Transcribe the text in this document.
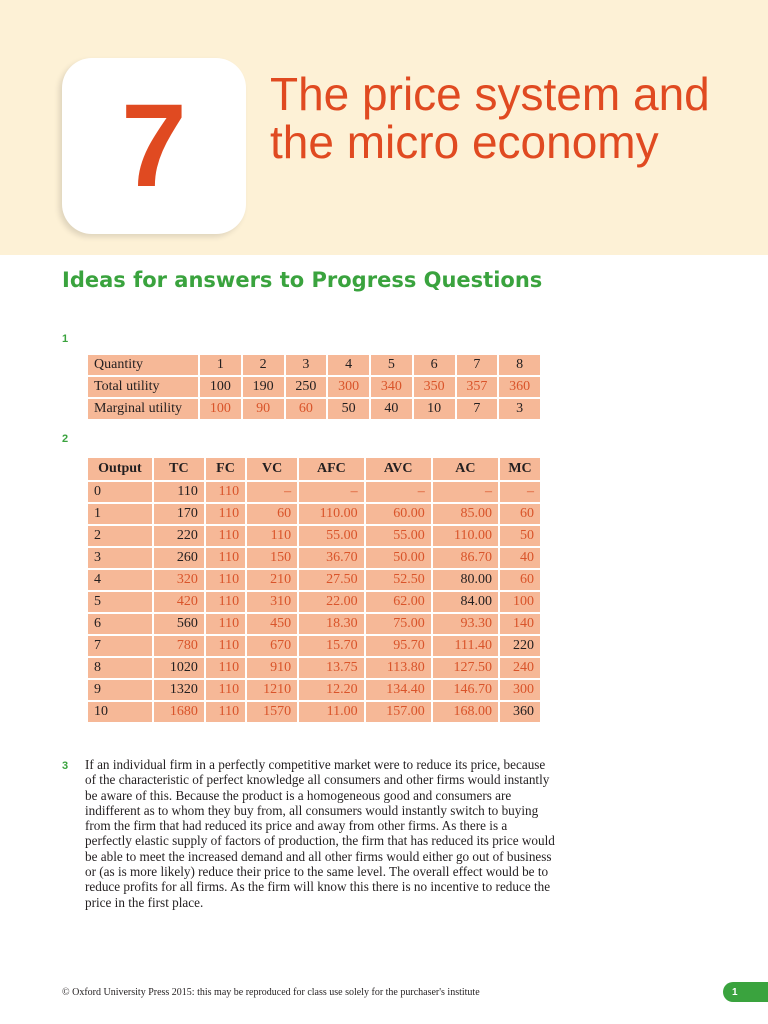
7	The price system and the micro economy
Ideas for answers to Progress Questions
1
Quantity	1	2	3	4	5	6	7	8
Total utility	100	190	250	300	340	350	357	360
Marginal utility	100	90	60	50	40	10	7	3
2
Output	TC	FC	VC	AFC	AVC	AC	MC
0	110	110	–	–	–	–	–
1	170	110	60	110.00	60.00	85.00	60
2	220	110	110	55.00	55.00	110.00	50
3	260	110	150	36.70	50.00	86.70	40
4	320	110	210	27.50	52.50	80.00	60
5	420	110	310	22.00	62.00	84.00	100
6	560	110	450	18.30	75.00	93.30	140
7	780	110	670	15.70	95.70	111.40	220
8	1020	110	910	13.75	113.80	127.50	240
9	1320	110	1210	12.20	134.40	146.70	300
10	1680	110	1570	11.00	157.00	168.00	360
3 If an individual firm in a perfectly competitive market were to reduce its price, because of the characteristic of perfect knowledge all consumers and other firms would instantly be aware of this. Because the product is a homogeneous good and consumers are indifferent as to whom they buy from, all consumers would instantly switch to buying from the firm that had reduced its price and away from other firms. As there is a perfectly elastic supply of factors of production, the firm that has reduced its price would be able to meet the increased demand and all other firms would either go out of business or (as is more likely) reduce their price to the same level. The overall effect would be to reduce profits for all firms. As the firm will know this there is no incentive to reduce the price in the first place.

© Oxford University Press 2015: this may be reproduced for class use solely for the purchaser's institute	1
